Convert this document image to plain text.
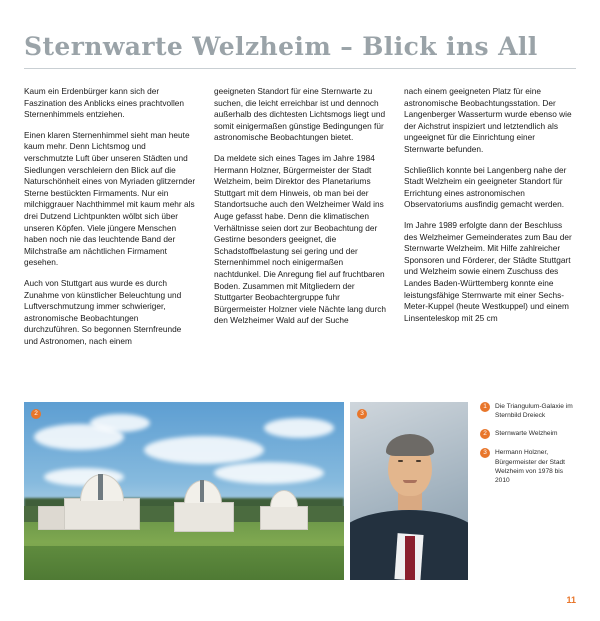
Sternwarte Welzheim – Blick ins All

Kaum ein Erdenbürger kann sich der Faszination des Anblicks eines prachtvollen Sternenhimmels entziehen.

Einen klaren Sternenhimmel sieht man heute kaum mehr. Denn Lichtsmog und verschmutzte Luft über unseren Städten und Siedlungen verschleiern den Blick auf die Naturschönheit eines von Myriaden glitzernder Sterne bestückten Firmaments. Nur ein milchiggrauer Nachthimmel mit kaum mehr als drei Dutzend Lichtpunkten wölbt sich über unseren Köpfen. Viele jüngere Menschen haben noch nie das leuchtende Band der Milchstraße am nächtlichen Firmament gesehen.

Auch von Stuttgart aus wurde es durch Zunahme von künstlicher Beleuchtung und Luftverschmutzung immer schwieriger, astronomische Beobachtungen durchzuführen. So begonnen Sternfreunde und Astronomen, nach einem

geeigneten Standort für eine Sternwarte zu suchen, die leicht erreichbar ist und dennoch außerhalb des dichtesten Lichtsmogs liegt und somit einigermaßen günstige Bedingungen für astronomische Beobachtungen bietet.

Da meldete sich eines Tages im Jahre 1984 Hermann Holzner, Bürgermeister der Stadt Welzheim, beim Direktor des Planetariums Stuttgart mit dem Hinweis, ob man bei der Standortsuche auch den Welzheimer Wald ins Auge gefasst habe. Denn die klimatischen Verhältnisse seien dort zur Beobachtung der Gestirne besonders geeignet, die Schadstoffbelastung sei gering und der Sternenhimmel noch einigermaßen nachtdunkel. Die Anregung fiel auf fruchtbaren Boden. Zusammen mit Mitgliedern der Stuttgarter Beobachtergruppe fuhr Bürgermeister Holzner viele Nächte lang durch den Welzheimer Wald auf der Suche

nach einem geeigneten Platz für eine astronomische Beobachtungsstation. Der Langenberger Wasserturm wurde ebenso wie der Aichstrut inspiziert und letztendlich als ungeeignet für die Einrichtung einer Sternwarte befunden.

Schließlich konnte bei Langenberg nahe der Stadt Welzheim ein geeigneter Standort für Errichtung eines astronomischen Observatoriums ausfindig gemacht werden.

Im Jahre 1989 erfolgte dann der Beschluss des Welzheimer Gemeinderates zum Bau der Sternwarte Welzheim. Mit Hilfe zahlreicher Sponsoren und Förderer, der Städte Stuttgart und Welzheim sowie einem Zuschuss des Landes Baden-Württemberg konnte eine leistungsfähige Sternwarte mit einer Sechs-Meter-Kuppel (heute Westkuppel) und einem Linsenteleskop mit 25 cm

2	3
1	Die Triangulum-Galaxie im Sternbild Dreieck
2	Sternwarte Welzheim
3	Hermann Holzner, Bürgermeister der Stadt Welzheim von 1978 bis 2010
11
